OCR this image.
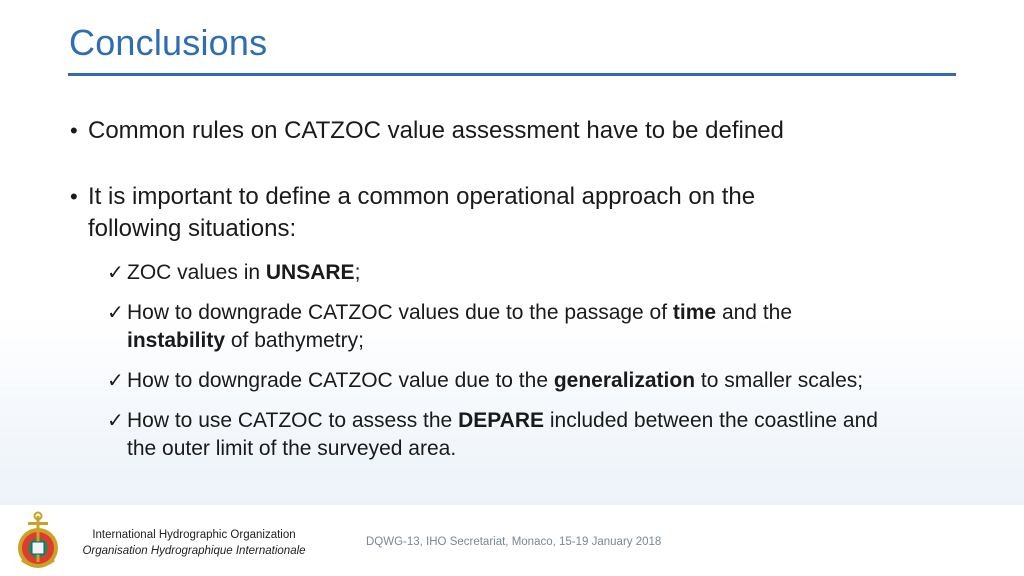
Conclusions
• Common rules on CATZOC value assessment have to be defined
• It is important to define a common operational approach on the
following situations:
✓ ZOC values in UNSARE;
✓ How to downgrade CATZOC values due to the passage of time and the
instability of bathymetry;
✓ How to downgrade CATZOC value due to the generalization to smaller scales;
✓ How to use CATZOC to assess the DEPARE included between the coastline and
the outer limit of the surveyed area.
International Hydrographic Organization
Organisation Hydrographique Internationale
DQWG-13, IHO Secretariat, Monaco, 15-19 January 2018
